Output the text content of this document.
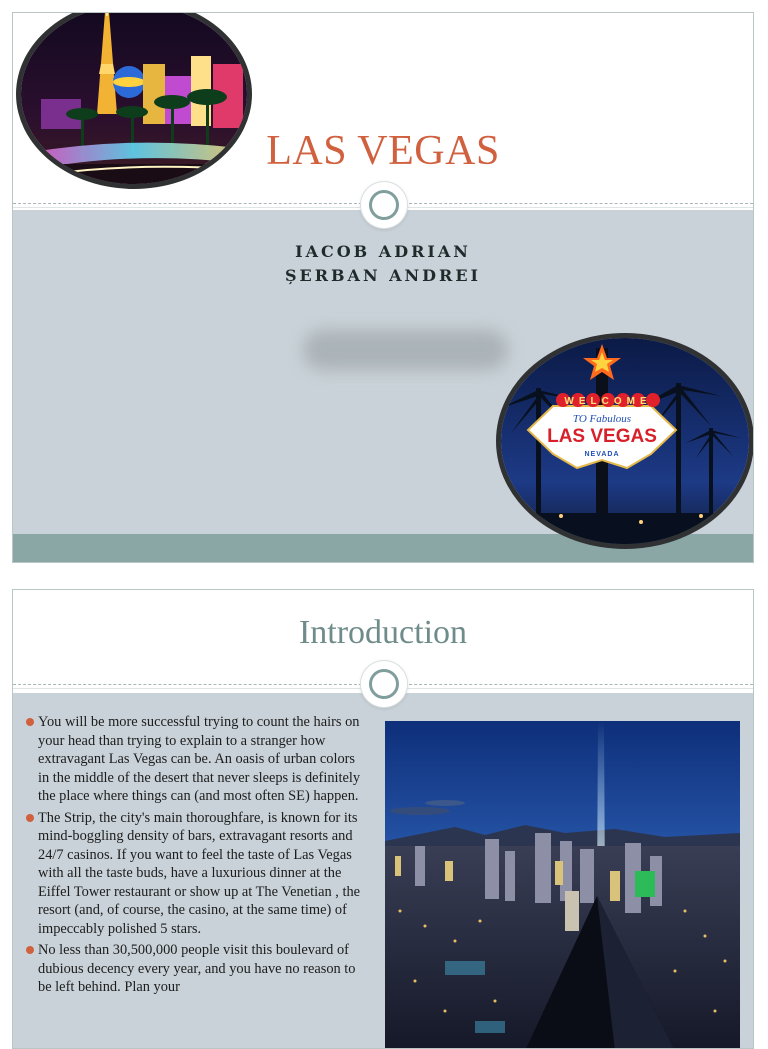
LAS VEGAS
IACOB ADRIAN
ȘERBAN ANDREI
WELCOME
TO Fabulous
LAS VEGAS
NEVADA
Introduction
You will be more successful trying to count the hairs on your head than trying to explain to a stranger how extravagant Las Vegas can be. An oasis of urban colors in the middle of the desert that never sleeps is definitely the place where things can (and most often SE) happen.
The Strip, the city's main thoroughfare, is known for its mind-boggling density of bars, extravagant resorts and 24/7 casinos. If you want to feel the taste of Las Vegas with all the taste buds, have a luxurious dinner at the Eiffel Tower restaurant or show up at The Venetian , the resort (and, of course, the casino, at the same time) of impeccably polished 5 stars.
No less than 30,500,000 people visit this boulevard of dubious decency every year, and you have no reason to be left behind. Plan your
